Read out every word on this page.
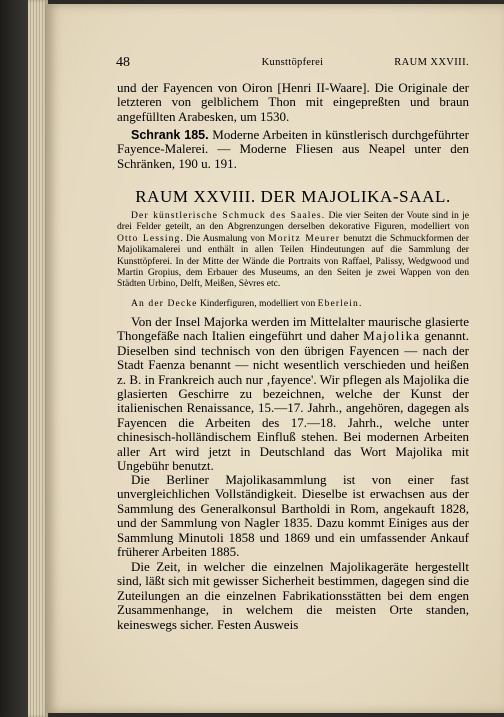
48	Kunsttöpferei	RAUM XXVIII.

und der Fayencen von Oiron [Henri II-Waare]. Die Originale der letzteren von gelblichem Thon mit eingepreßten und braun angefüllten Arabesken, um 1530.

Schrank 185. Moderne Arbeiten in künstlerisch durchgeführter Fayence-Malerei. — Moderne Fliesen aus Neapel unter den Schränken, 190 u. 191.

RAUM XXVIII. DER MAJOLIKA-SAAL.

Der künstlerische Schmuck des Saales. Die vier Seiten der Voute sind in je drei Felder geteilt, an den Abgrenzungen derselben dekorative Figuren, modelliert von Otto Lessing. Die Ausmalung von Moritz Meurer benutzt die Schmuckformen der Majolikamalerei und enthält in allen Teilen Hindeutungen auf die Sammlung der Kunsttöpferei. In der Mitte der Wände die Portraits von Raffael, Palissy, Wedgwood und Martin Gropius, dem Erbauer des Museums, an den Seiten je zwei Wappen von den Städten Urbino, Delft, Meißen, Sèvres etc.

An der Decke Kinderfiguren, modelliert von Eberlein.

Von der Insel Majorka werden im Mittelalter maurische glasierte Thongefäße nach Italien eingeführt und daher Majolika genannt. Dieselben sind technisch von den übrigen Fayencen — nach der Stadt Faenza benannt — nicht wesentlich verschieden und heißen z. B. in Frankreich auch nur ‚fayence'. Wir pflegen als Majolika die glasierten Geschirre zu bezeichnen, welche der Kunst der italienischen Renaissance, 15.—17. Jahrh., angehören, dagegen als Fayencen die Arbeiten des 17.—18. Jahrh., welche unter chinesisch-holländischem Einfluß stehen. Bei modernen Arbeiten aller Art wird jetzt in Deutschland das Wort Majolika mit Ungebühr benutzt.

Die Berliner Majolikasammlung ist von einer fast unvergleichlichen Vollständigkeit. Dieselbe ist erwachsen aus der Sammlung des Generalkonsul Bartholdi in Rom, angekauft 1828, und der Sammlung von Nagler 1835. Dazu kommt Einiges aus der Sammlung Minutoli 1858 und 1869 und ein umfassender Ankauf früherer Arbeiten 1885.

Die Zeit, in welcher die einzelnen Majolikageräte hergestellt sind, läßt sich mit gewisser Sicherheit bestimmen, dagegen sind die Zuteilungen an die einzelnen Fabrikationsstätten bei dem engen Zusammenhange, in welchem die meisten Orte standen, keineswegs sicher. Festen Ausweis
